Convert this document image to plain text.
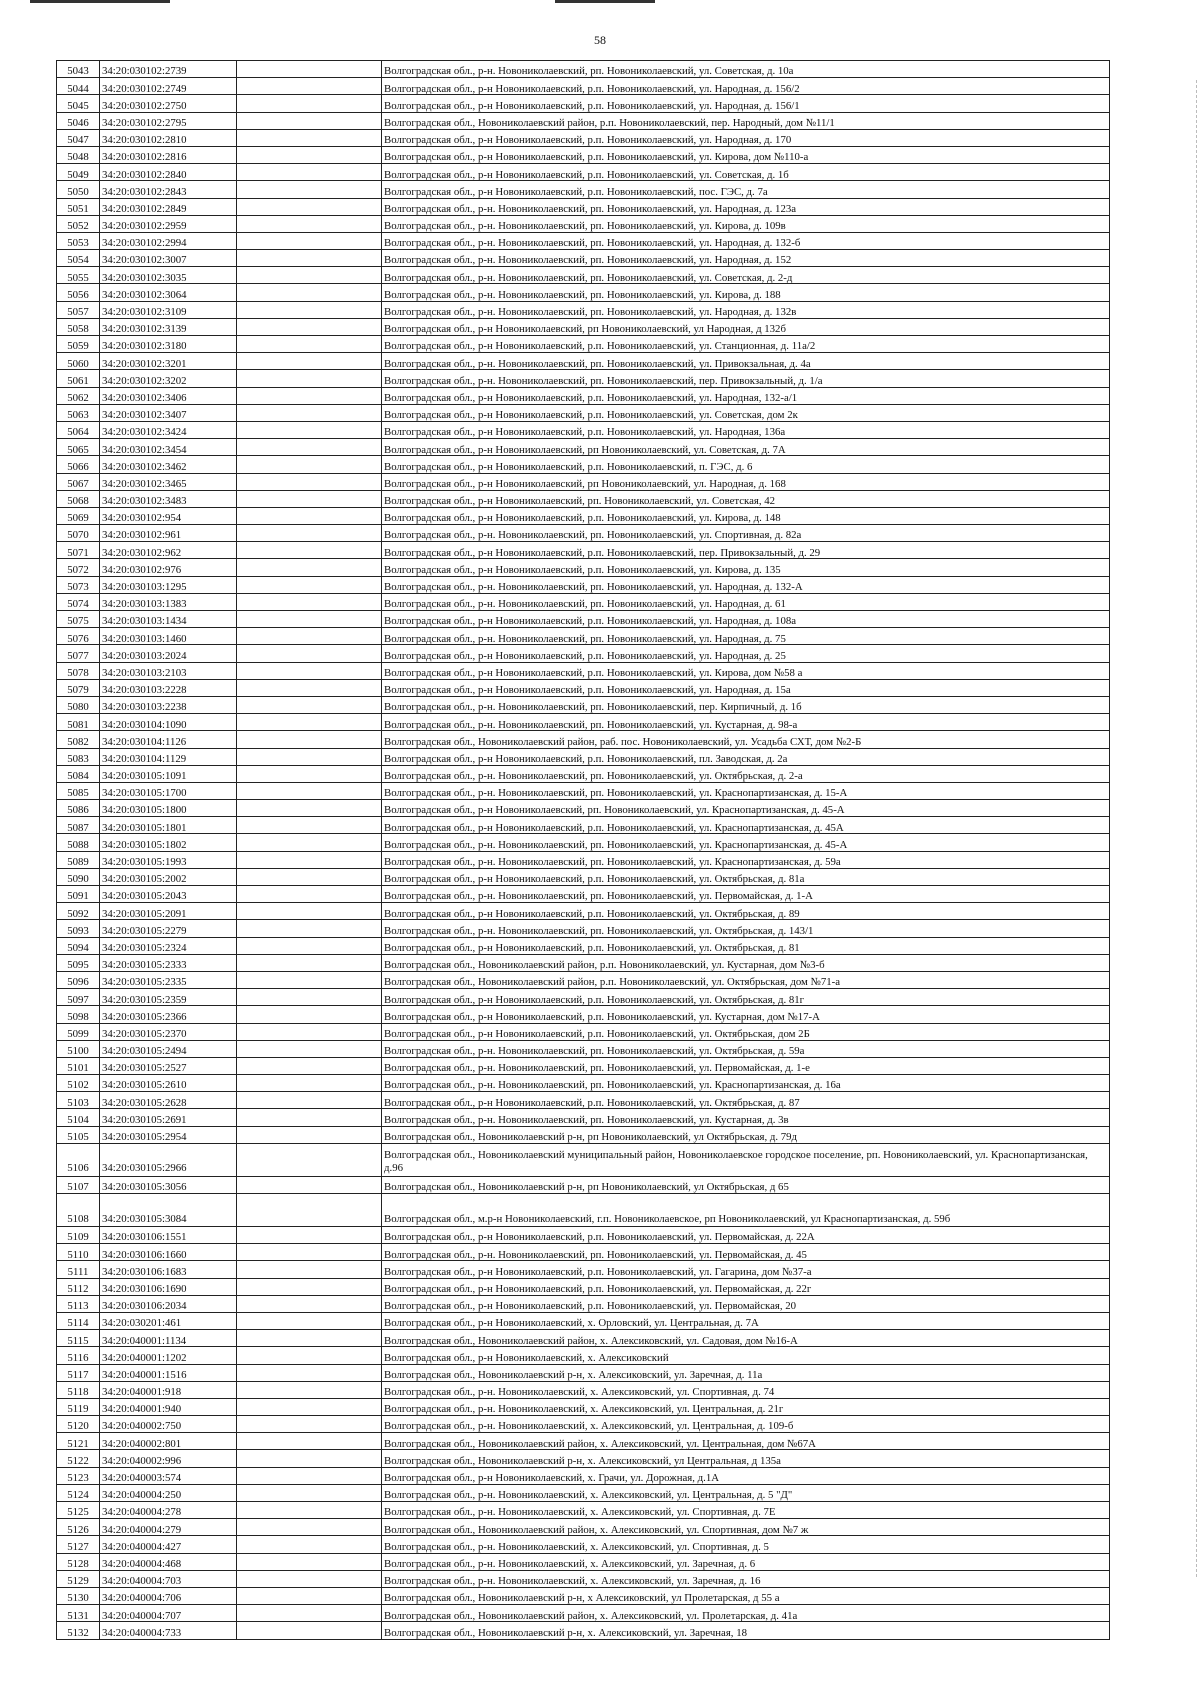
58
5043	34:20:030102:2739		Волгоградская обл., р-н. Новониколаевский, рп. Новониколаевский, ул. Советская, д. 10а
5044	34:20:030102:2749		Волгоградская обл., р-н Новониколаевский, р.п. Новониколаевский, ул. Народная, д. 156/2
5045	34:20:030102:2750		Волгоградская обл., р-н Новониколаевский, р.п. Новониколаевский, ул. Народная, д. 156/1
5046	34:20:030102:2795		Волгоградская обл., Новониколаевский район, р.п. Новониколаевский, пер. Народный, дом №11/1
5047	34:20:030102:2810		Волгоградская обл., р-н Новониколаевский, р.п. Новониколаевский, ул. Народная, д. 170
5048	34:20:030102:2816		Волгоградская обл., р-н Новониколаевский, р.п. Новониколаевский, ул. Кирова, дом №110-а
5049	34:20:030102:2840		Волгоградская обл., р-н Новониколаевский, р.п. Новониколаевский, ул. Советская, д. 1б
5050	34:20:030102:2843		Волгоградская обл., р-н Новониколаевский, р.п. Новониколаевский, пос. ГЭС, д. 7а
5051	34:20:030102:2849		Волгоградская обл., р-н. Новониколаевский, рп. Новониколаевский, ул. Народная, д. 123а
5052	34:20:030102:2959		Волгоградская обл., р-н. Новониколаевский, рп. Новониколаевский, ул. Кирова, д. 109в
5053	34:20:030102:2994		Волгоградская обл., р-н. Новониколаевский, рп. Новониколаевский, ул. Народная, д. 132-б
5054	34:20:030102:3007		Волгоградская обл., р-н. Новониколаевский, рп. Новониколаевский, ул. Народная, д. 152
5055	34:20:030102:3035		Волгоградская обл., р-н. Новониколаевский, рп. Новониколаевский, ул. Советская, д. 2-д
5056	34:20:030102:3064		Волгоградская обл., р-н. Новониколаевский, рп. Новониколаевский, ул. Кирова, д. 188
5057	34:20:030102:3109		Волгоградская обл., р-н. Новониколаевский, рп. Новониколаевский, ул. Народная, д. 132в
5058	34:20:030102:3139		Волгоградская обл., р-н Новониколаевский, рп Новониколаевский, ул Народная, д 132б
5059	34:20:030102:3180		Волгоградская обл., р-н Новониколаевский, р.п. Новониколаевский, ул. Станционная, д. 11а/2
5060	34:20:030102:3201		Волгоградская обл., р-н. Новониколаевский, рп. Новониколаевский, ул. Привокзальная, д. 4а
5061	34:20:030102:3202		Волгоградская обл., р-н. Новониколаевский, рп. Новониколаевский, пер. Привокзальный, д. 1/а
5062	34:20:030102:3406		Волгоградская обл., р-н Новониколаевский, р.п. Новониколаевский, ул. Народная, 132-а/1
5063	34:20:030102:3407		Волгоградская обл., р-н Новониколаевский, р.п. Новониколаевский, ул. Советская, дом 2к
5064	34:20:030102:3424		Волгоградская обл., р-н Новониколаевский, р.п. Новониколаевский, ул. Народная, 136а
5065	34:20:030102:3454		Волгоградская обл., р-н Новониколаевский, рп Новониколаевский, ул. Советская, д. 7А
5066	34:20:030102:3462		Волгоградская обл., р-н Новониколаевский, р.п. Новониколаевский, п. ГЭС, д. 6
5067	34:20:030102:3465		Волгоградская обл., р-н Новониколаевский, рп Новониколаевский, ул. Народная, д. 168
5068	34:20:030102:3483		Волгоградская обл., р-н Новониколаевский, рп. Новониколаевский, ул. Советская, 42
5069	34:20:030102:954		Волгоградская обл., р-н Новониколаевский, р.п. Новониколаевский, ул. Кирова, д. 148
5070	34:20:030102:961		Волгоградская обл., р-н. Новониколаевский, рп. Новониколаевский, ул. Спортивная, д. 82а
5071	34:20:030102:962		Волгоградская обл., р-н Новониколаевский, р.п. Новониколаевский, пер. Привокзальный, д. 29
5072	34:20:030102:976		Волгоградская обл., р-н Новониколаевский, р.п. Новониколаевский, ул. Кирова, д. 135
5073	34:20:030103:1295		Волгоградская обл., р-н. Новониколаевский, рп. Новониколаевский, ул. Народная, д. 132-А
5074	34:20:030103:1383		Волгоградская обл., р-н. Новониколаевский, рп. Новониколаевский, ул. Народная, д. 61
5075	34:20:030103:1434		Волгоградская обл., р-н Новониколаевский, р.п. Новониколаевский, ул. Народная, д. 108а
5076	34:20:030103:1460		Волгоградская обл., р-н. Новониколаевский, рп. Новониколаевский, ул. Народная, д. 75
5077	34:20:030103:2024		Волгоградская обл., р-н Новониколаевский, р.п. Новониколаевский, ул. Народная, д. 25
5078	34:20:030103:2103		Волгоградская обл., р-н Новониколаевский, р.п. Новониколаевский, ул. Кирова, дом №58 а
5079	34:20:030103:2228		Волгоградская обл., р-н Новониколаевский, р.п. Новониколаевский, ул. Народная, д. 15а
5080	34:20:030103:2238		Волгоградская обл., р-н. Новониколаевский, рп. Новониколаевский, пер. Кирпичный, д. 1б
5081	34:20:030104:1090		Волгоградская обл., р-н. Новониколаевский, рп. Новониколаевский, ул. Кустарная, д. 98-а
5082	34:20:030104:1126		Волгоградская обл., Новониколаевский район, раб. пос. Новониколаевский, ул. Усадьба СХТ, дом №2-Б
5083	34:20:030104:1129		Волгоградская обл., р-н Новониколаевский, р.п. Новониколаевский, пл. Заводская, д. 2а
5084	34:20:030105:1091		Волгоградская обл., р-н. Новониколаевский, рп. Новониколаевский, ул. Октябрьская, д. 2-а
5085	34:20:030105:1700		Волгоградская обл., р-н. Новониколаевский, рп. Новониколаевский, ул. Краснопартизанская, д. 15-А
5086	34:20:030105:1800		Волгоградская обл., р-н Новониколаевский, рп. Новониколаевский, ул. Краснопартизанская, д. 45-А
5087	34:20:030105:1801		Волгоградская обл., р-н Новониколаевский, р.п. Новониколаевский, ул. Краснопартизанская, д. 45А
5088	34:20:030105:1802		Волгоградская обл., р-н. Новониколаевский, рп. Новониколаевский, ул. Краснопартизанская, д. 45-А
5089	34:20:030105:1993		Волгоградская обл., р-н. Новониколаевский, рп. Новониколаевский, ул. Краснопартизанская, д. 59а
5090	34:20:030105:2002		Волгоградская обл., р-н Новониколаевский, р.п. Новониколаевский, ул. Октябрьская, д. 81а
5091	34:20:030105:2043		Волгоградская обл., р-н. Новониколаевский, рп. Новониколаевский, ул. Первомайская, д. 1-А
5092	34:20:030105:2091		Волгоградская обл., р-н Новониколаевский, р.п. Новониколаевский, ул. Октябрьская, д. 89
5093	34:20:030105:2279		Волгоградская обл., р-н. Новониколаевский, рп. Новониколаевский, ул. Октябрьская, д. 143/1
5094	34:20:030105:2324		Волгоградская обл., р-н Новониколаевский, р.п. Новониколаевский, ул. Октябрьская, д. 81
5095	34:20:030105:2333		Волгоградская обл., Новониколаевский район, р.п. Новониколаевский, ул. Кустарная, дом №3-б
5096	34:20:030105:2335		Волгоградская обл., Новониколаевский район, р.п. Новониколаевский, ул. Октябрьская, дом №71-а
5097	34:20:030105:2359		Волгоградская обл., р-н Новониколаевский, р.п. Новониколаевский, ул. Октябрьская, д. 81г
5098	34:20:030105:2366		Волгоградская обл., р-н Новониколаевский, р.п. Новониколаевский, ул. Кустарная, дом №17-А
5099	34:20:030105:2370		Волгоградская обл., р-н Новониколаевский, р.п. Новониколаевский, ул. Октябрьская, дом 2Б
5100	34:20:030105:2494		Волгоградская обл., р-н. Новониколаевский, рп. Новониколаевский, ул. Октябрьская, д. 59а
5101	34:20:030105:2527		Волгоградская обл., р-н. Новониколаевский, рп. Новониколаевский, ул. Первомайская, д. 1-е
5102	34:20:030105:2610		Волгоградская обл., р-н. Новониколаевский, рп. Новониколаевский, ул. Краснопартизанская, д. 16а
5103	34:20:030105:2628		Волгоградская обл., р-н Новониколаевский, р.п. Новониколаевский, ул. Октябрьская, д. 87
5104	34:20:030105:2691		Волгоградская обл., р-н. Новониколаевский, рп. Новониколаевский, ул. Кустарная, д. 3в
5105	34:20:030105:2954		Волгоградская обл., Новониколаевский р-н, рп Новониколаевский, ул Октябрьская, д. 79д
5106	34:20:030105:2966		Волгоградская обл., Новониколаевский муниципальный район, Новониколаевское городское поселение, рп. Новониколаевский, ул. Краснопартизанская, д.96
5107	34:20:030105:3056		Волгоградская обл., Новониколаевский р-н, рп Новониколаевский, ул Октябрьская, д 65
5108	34:20:030105:3084		Волгоградская обл., м.р-н Новониколаевский, г.п. Новониколаевское, рп Новониколаевский, ул Краснопартизанская, д. 59б
5109	34:20:030106:1551		Волгоградская обл., р-н Новониколаевский, р.п. Новониколаевский, ул. Первомайская, д. 22А
5110	34:20:030106:1660		Волгоградская обл., р-н. Новониколаевский, рп. Новониколаевский, ул. Первомайская, д. 45
5111	34:20:030106:1683		Волгоградская обл., р-н Новониколаевский, р.п. Новониколаевский, ул. Гагарина, дом №37-а
5112	34:20:030106:1690		Волгоградская обл., р-н Новониколаевский, р.п. Новониколаевский, ул. Первомайская, д. 22г
5113	34:20:030106:2034		Волгоградская обл., р-н Новониколаевский, р.п. Новониколаевский, ул. Первомайская, 20
5114	34:20:030201:461		Волгоградская обл., р-н Новониколаевский, х. Орловский, ул. Центральная, д. 7А
5115	34:20:040001:1134		Волгоградская обл., Новониколаевский район, х. Алексиковский, ул. Садовая, дом №16-А
5116	34:20:040001:1202		Волгоградская обл., р-н Новониколаевский, х. Алексиковский
5117	34:20:040001:1516		Волгоградская обл., Новониколаевский р-н, х. Алексиковский, ул. Заречная, д. 11а
5118	34:20:040001:918		Волгоградская обл., р-н. Новониколаевский, х. Алексиковский, ул. Спортивная, д. 74
5119	34:20:040001:940		Волгоградская обл., р-н. Новониколаевский, х. Алексиковский, ул. Центральная, д. 21г
5120	34:20:040002:750		Волгоградская обл., р-н. Новониколаевский, х. Алексиковский, ул. Центральная, д. 109-б
5121	34:20:040002:801		Волгоградская обл., Новониколаевский район, х. Алексиковский, ул. Центральная, дом №67А
5122	34:20:040002:996		Волгоградская обл., Новониколаевский р-н, х. Алексиковский, ул Центральная, д 135а
5123	34:20:040003:574		Волгоградская обл., р-н Новониколаевский, х. Грачи, ул. Дорожная, д.1А
5124	34:20:040004:250		Волгоградская обл., р-н. Новониколаевский, х. Алексиковский, ул. Центральная, д. 5 "Д"
5125	34:20:040004:278		Волгоградская обл., р-н. Новониколаевский, х. Алексиковский, ул. Спортивная, д. 7Е
5126	34:20:040004:279		Волгоградская обл., Новониколаевский район, х. Алексиковский, ул. Спортивная, дом №7 ж
5127	34:20:040004:427		Волгоградская обл., р-н. Новониколаевский, х. Алексиковский, ул. Спортивная, д. 5
5128	34:20:040004:468		Волгоградская обл., р-н. Новониколаевский, х. Алексиковский, ул. Заречная, д. 6
5129	34:20:040004:703		Волгоградская обл., р-н. Новониколаевский, х. Алексиковский, ул. Заречная, д. 16
5130	34:20:040004:706		Волгоградская обл., Новониколаевский р-н, х Алексиковский, ул Пролетарская, д 55 а
5131	34:20:040004:707		Волгоградская обл., Новониколаевский район, х. Алексиковский, ул. Пролетарская, д. 41а
5132	34:20:040004:733		Волгоградская обл., Новониколаевский р-н, х. Алексиковский, ул. Заречная, 18
